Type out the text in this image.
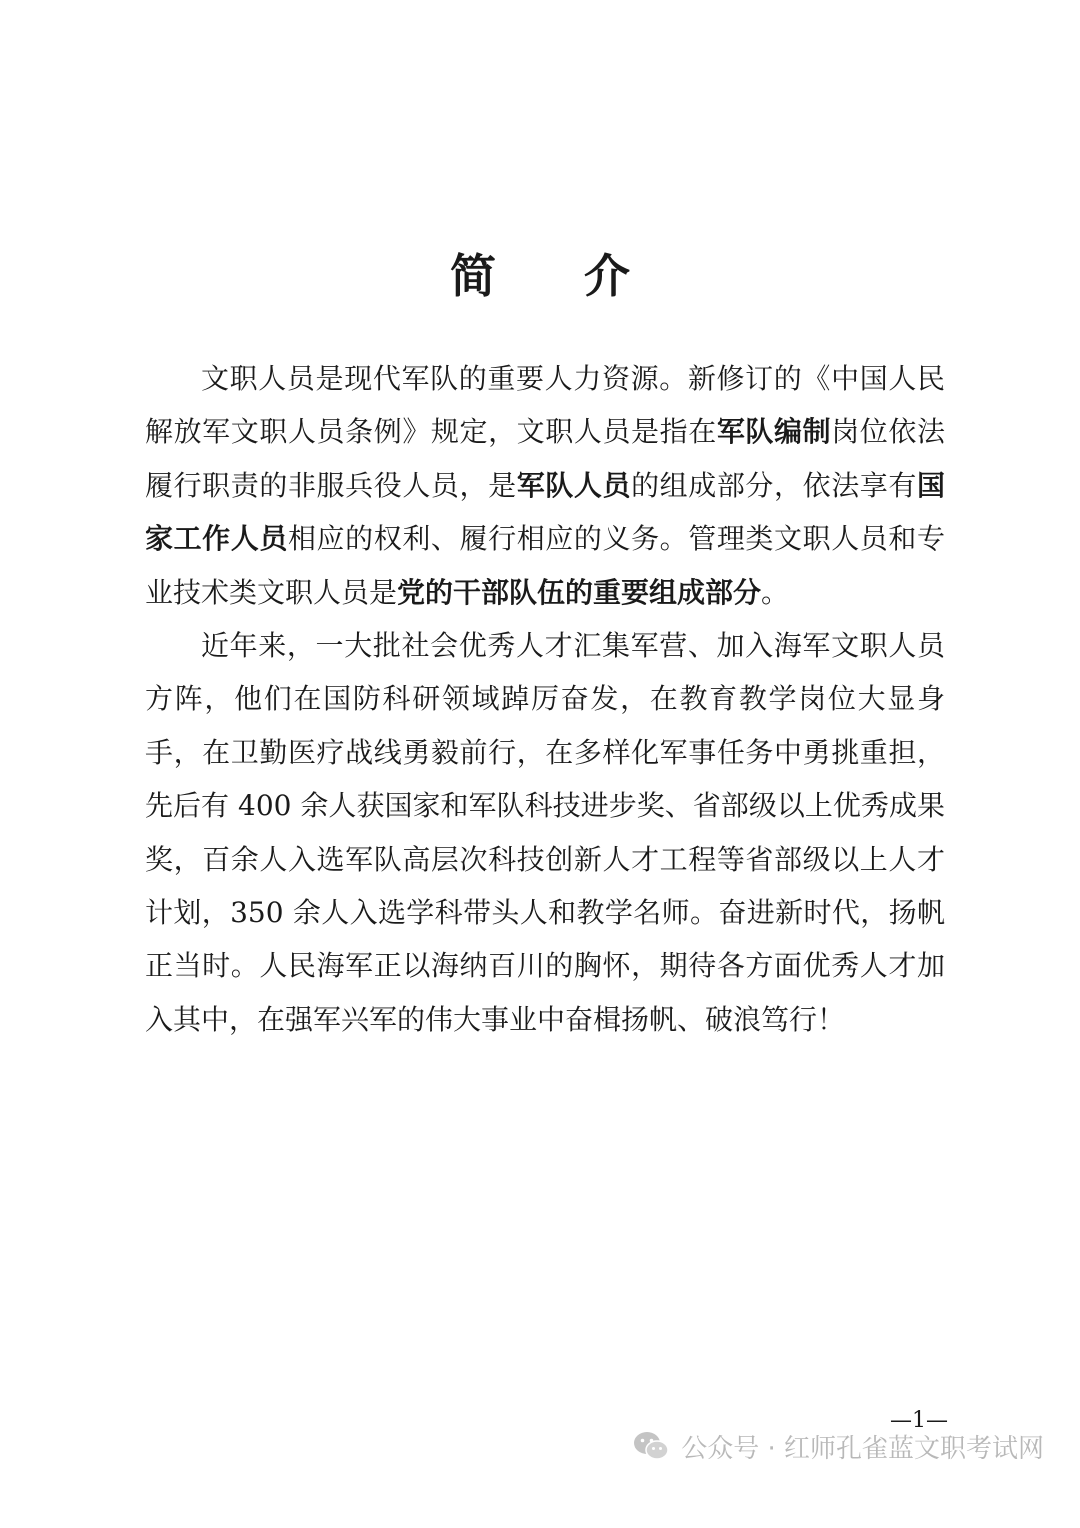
简 介

文职人员是现代军队的重要人力资源。新修订的《中国人民解放军文职人员条例》规定，文职人员是指在军队编制岗位依法履行职责的非服兵役人员，是军队人员的组成部分，依法享有国家工作人员相应的权利、履行相应的义务。管理类文职人员和专业技术类文职人员是党的干部队伍的重要组成部分。

近年来，一大批社会优秀人才汇集军营、加入海军文职人员方阵，他们在国防科研领域踔厉奋发，在教育教学岗位大显身手，在卫勤医疗战线勇毅前行，在多样化军事任务中勇挑重担，先后有 400 余人获国家和军队科技进步奖、省部级以上优秀成果奖，百余人入选军队高层次科技创新人才工程等省部级以上人才计划，350 余人入选学科带头人和教学名师。奋进新时代，扬帆正当时。人民海军正以海纳百川的胸怀，期待各方面优秀人才加入其中，在强军兴军的伟大事业中奋楫扬帆、破浪笃行！

—1—
公众号 · 红师孔雀蓝文职考试网
